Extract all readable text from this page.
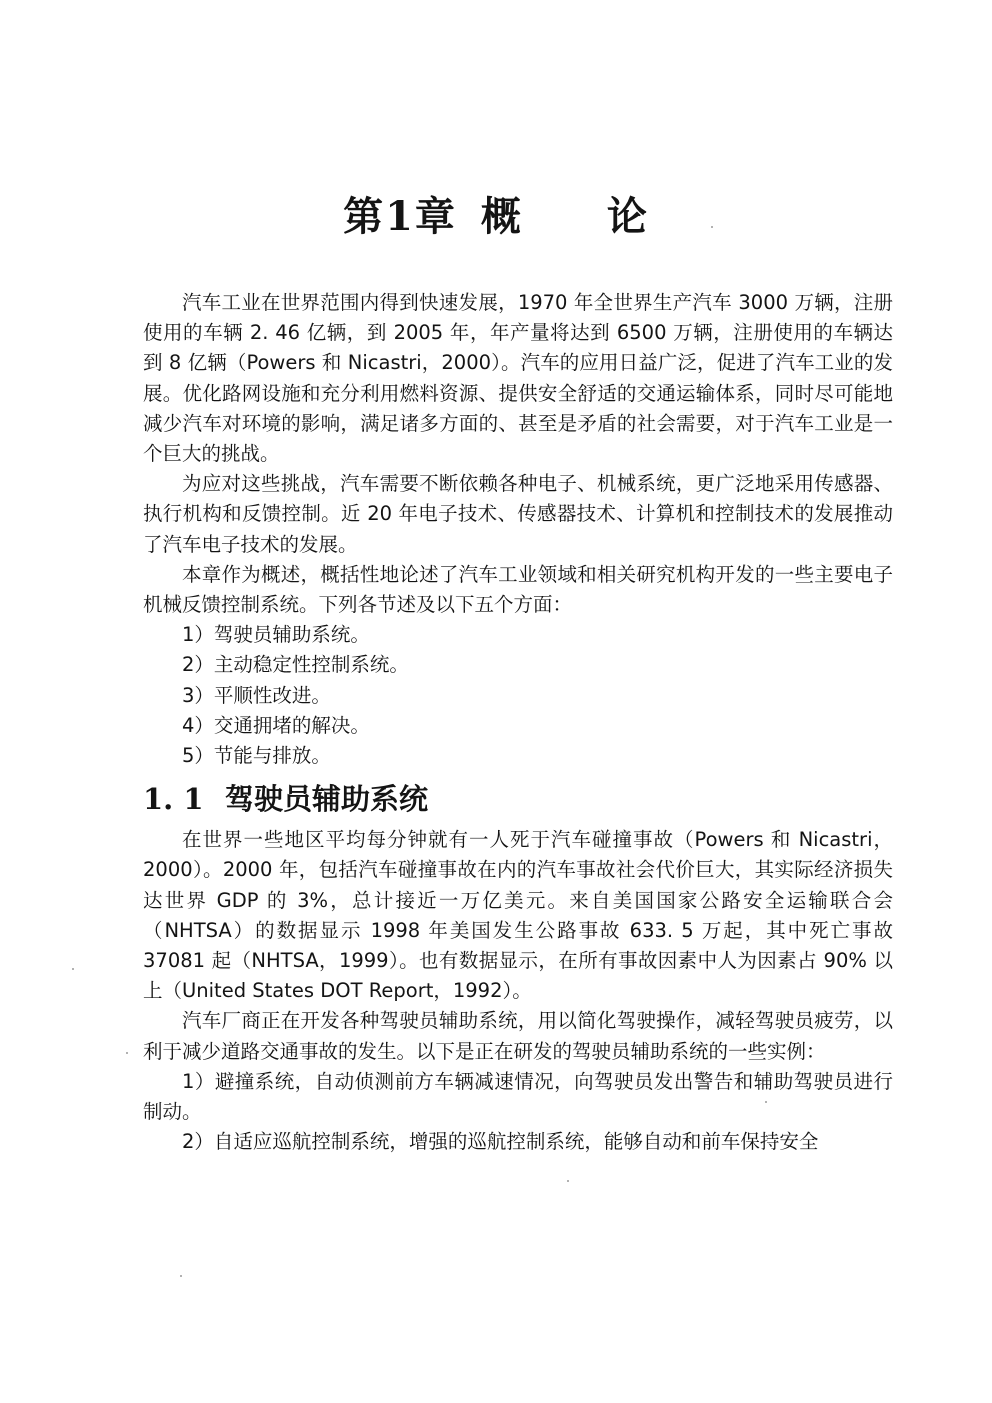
第1章 概 论

汽车工业在世界范围内得到快速发展，1970 年全世界生产汽车 3000 万辆，注册使用的车辆 2. 46 亿辆，到 2005 年，年产量将达到 6500 万辆，注册使用的车辆达到 8 亿辆（Powers 和 Nicastri，2000）。汽车的应用日益广泛，促进了汽车工业的发展。优化路网设施和充分利用燃料资源、提供安全舒适的交通运输体系，同时尽可能地减少汽车对环境的影响，满足诸多方面的、甚至是矛盾的社会需要，对于汽车工业是一个巨大的挑战。

为应对这些挑战，汽车需要不断依赖各种电子、机械系统，更广泛地采用传感器、执行机构和反馈控制。近 20 年电子技术、传感器技术、计算机和控制技术的发展推动了汽车电子技术的发展。

本章作为概述，概括性地论述了汽车工业领域和相关研究机构开发的一些主要电子机械反馈控制系统。下列各节述及以下五个方面：

1）驾驶员辅助系统。

2）主动稳定性控制系统。

3）平顺性改进。

4）交通拥堵的解决。

5）节能与排放。

1. 1 驾驶员辅助系统

在世界一些地区平均每分钟就有一人死于汽车碰撞事故（Powers 和 Nicastri，2000）。2000 年，包括汽车碰撞事故在内的汽车事故社会代价巨大，其实际经济损失达世界 GDP 的 3%，总计接近一万亿美元。来自美国国家公路安全运输联合会（NHTSA）的数据显示 1998 年美国发生公路事故 633. 5 万起，其中死亡事故 37081 起（NHTSA，1999）。也有数据显示，在所有事故因素中人为因素占 90% 以上（United States DOT Report，1992）。

汽车厂商正在开发各种驾驶员辅助系统，用以简化驾驶操作，减轻驾驶员疲劳，以利于减少道路交通事故的发生。以下是正在研发的驾驶员辅助系统的一些实例：

1）避撞系统，自动侦测前方车辆减速情况，向驾驶员发出警告和辅助驾驶员进行制动。

2）自适应巡航控制系统，增强的巡航控制系统，能够自动和前车保持安全
